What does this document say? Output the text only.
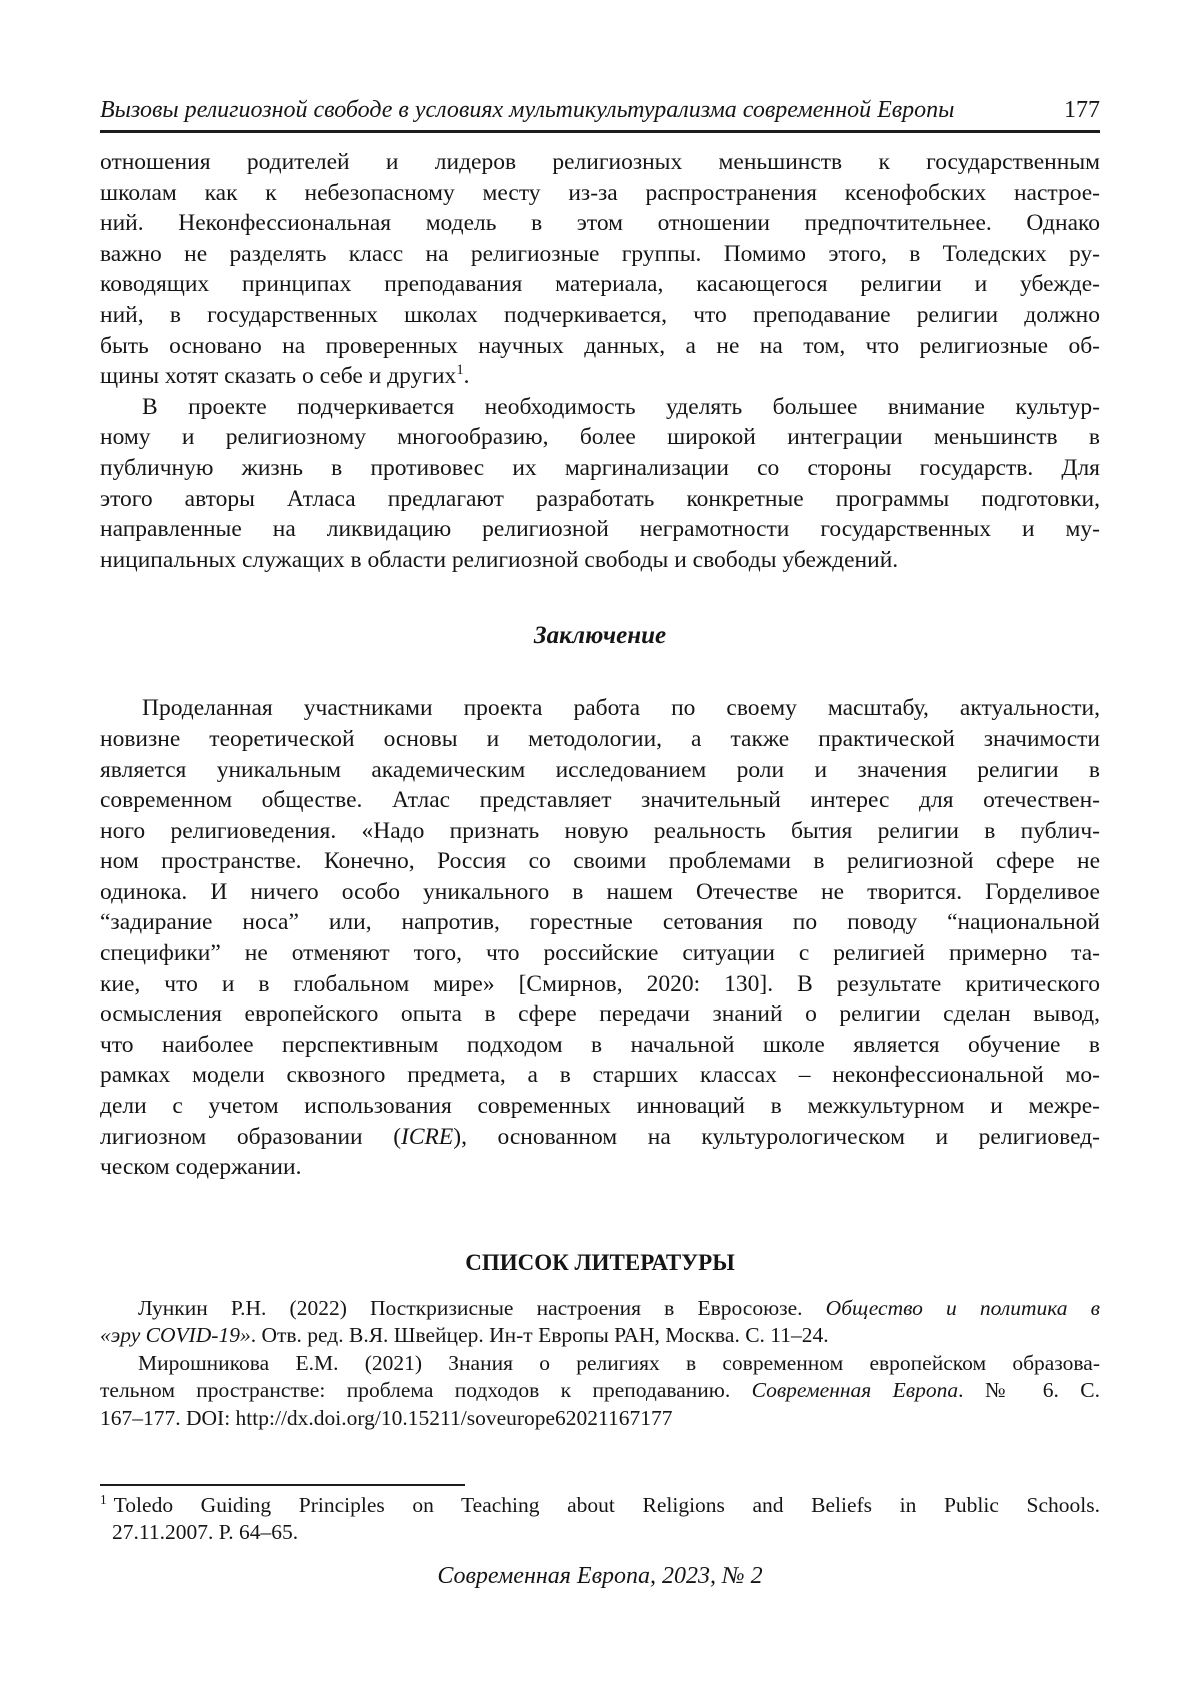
Вызовы религиозной свободе в условиях мультикультурализма современной Европы	177
отношения родителей и лидеров религиозных меньшинств к государственным
школам как к небезопасному месту из-за распространения ксенофобских настрое-
ний. Неконфессиональная модель в этом отношении предпочтительнее. Однако
важно не разделять класс на религиозные группы. Помимо этого, в Толедских ру-
ководящих принципах преподавания материала, касающегося религии и убежде-
ний, в государственных школах подчеркивается, что преподавание религии должно
быть основано на проверенных научных данных, а не на том, что религиозные об-
щины хотят сказать о себе и других$^1$.
В проекте подчеркивается необходимость уделять большее внимание культур-
ному и религиозному многообразию, более широкой интеграции меньшинств в
публичную жизнь в противовес их маргинализации со стороны государств. Для
этого авторы Атласа предлагают разработать конкретные программы подготовки,
направленные на ликвидацию религиозной неграмотности государственных и му-
ниципальных служащих в области религиозной свободы и свободы убеждений.
Заключение
Проделанная участниками проекта работа по своему масштабу, актуальности,
новизне теоретической основы и методологии, а также практической значимости
является уникальным академическим исследованием роли и значения религии в
современном обществе. Атлас представляет значительный интерес для отечествен-
ного религиоведения. «Надо признать новую реальность бытия религии в публич-
ном пространстве. Конечно, Россия со своими проблемами в религиозной сфере не
одинока. И ничего особо уникального в нашем Отечестве не творится. Горделивое
“задирание носа” или, напротив, горестные сетования по поводу “национальной
специфики” не отменяют того, что российские ситуации с религией примерно та-
кие, что и в глобальном мире» [Смирнов, 2020: 130]. В результате критического
осмысления европейского опыта в сфере передачи знаний о религии сделан вывод,
что наиболее перспективным подходом в начальной школе является обучение в
рамках модели сквозного предмета, а в старших классах – неконфессиональной мо-
дели с учетом использования современных инноваций в межкультурном и межре-
лигиозном образовании (ICRE), основанном на культурологическом и религиовед-
ческом содержании.
СПИСОК ЛИТЕРАТУРЫ
Лункин Р.Н. (2022) Посткризисные настроения в Евросоюзе. Общество и политика в
«эру COVID-19». Отв. ред. В.Я. Швейцер. Ин-т Европы РАН, Москва. С. 11–24.
Мирошникова Е.М. (2021) Знания о религиях в современном европейском образова-
тельном пространстве: проблема подходов к преподаванию. Современная Европа. № 6. С.
167–177. DOI: http://dx.doi.org/10.15211/soveurope62021167177
$^1$ Toledo Guiding Principles on Teaching about Religions and Beliefs in Public Schools.
27.11.2007. P. 64–65.
Современная Европа, 2023, № 2
